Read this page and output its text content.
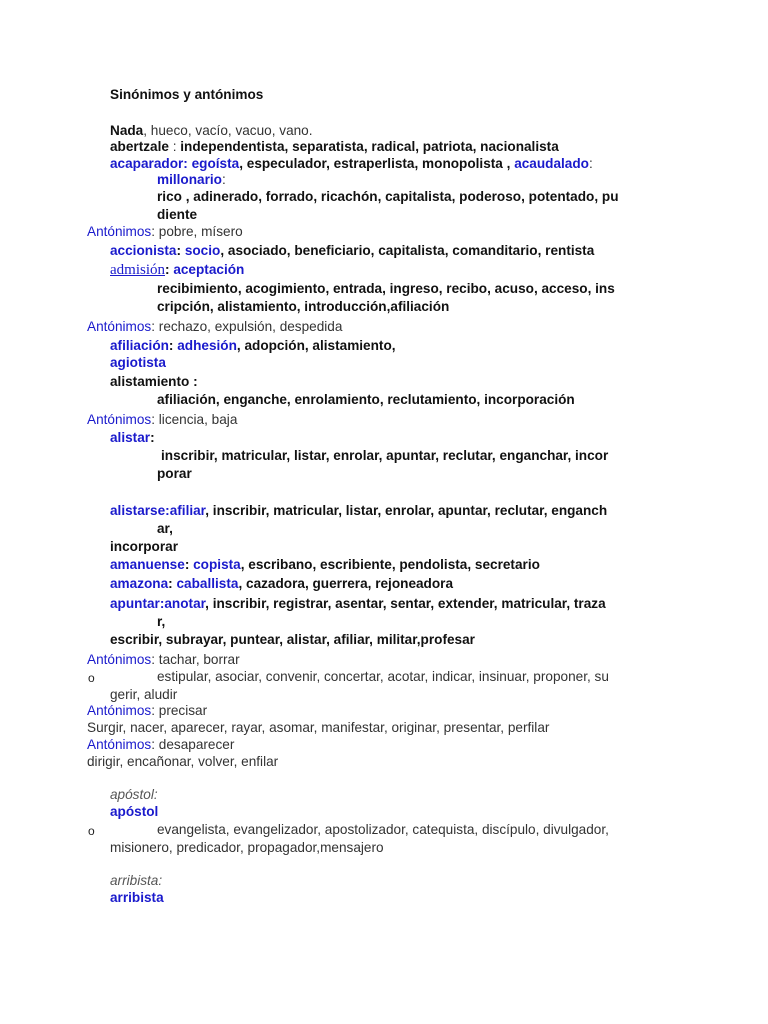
Sinónimos y antónimos
Nada, hueco, vacío, vacuo, vano.
abertzale : independentista, separatista, radical, patriota, nacionalista
acaparador: egoísta, especulador, estraperlista, monopolista , acaudalado:
millonario:
rico , adinerado, forrado, ricachón, capitalista, poderoso, potentado, pu
diente
Antónimos: pobre, mísero
accionista: socio, asociado, beneficiario, capitalista, comanditario, rentista
admisión: aceptación
recibimiento, acogimiento, entrada, ingreso, recibo, acuso, acceso, ins
cripción, alistamiento, introducción,afiliación
Antónimos: rechazo, expulsión, despedida
afiliación: adhesión, adopción, alistamiento,
agiotista
alistamiento :
afiliación, enganche, enrolamiento, reclutamiento, incorporación
Antónimos: licencia, baja
alistar:
inscribir, matricular, listar, enrolar, apuntar, reclutar, enganchar, incor
porar
alistarse:afiliar, inscribir, matricular, listar, enrolar, apuntar, reclutar, enganch
ar,
incorporar
amanuense: copista, escribano, escribiente, pendolista, secretario
amazona: caballista, cazadora, guerrera, rejoneadora
apuntar:anotar, inscribir, registrar, asentar, sentar, extender, matricular, traza
r,
escribir, subrayar, puntear, alistar, afiliar, militar,profesar
Antónimos: tachar, borrar
o	estipular, asociar, convenir, concertar, acotar, indicar, insinuar, proponer, su
gerir, aludir
Antónimos: precisar
Surgir, nacer, aparecer, rayar, asomar, manifestar, originar, presentar, perfilar
Antónimos: desaparecer
dirigir, encañonar, volver, enfilar
apóstol:
apóstol
o	evangelista, evangelizador, apostolizador, catequista, discípulo, divulgador,
misionero, predicador, propagador,mensajero
arribista:
arribista
